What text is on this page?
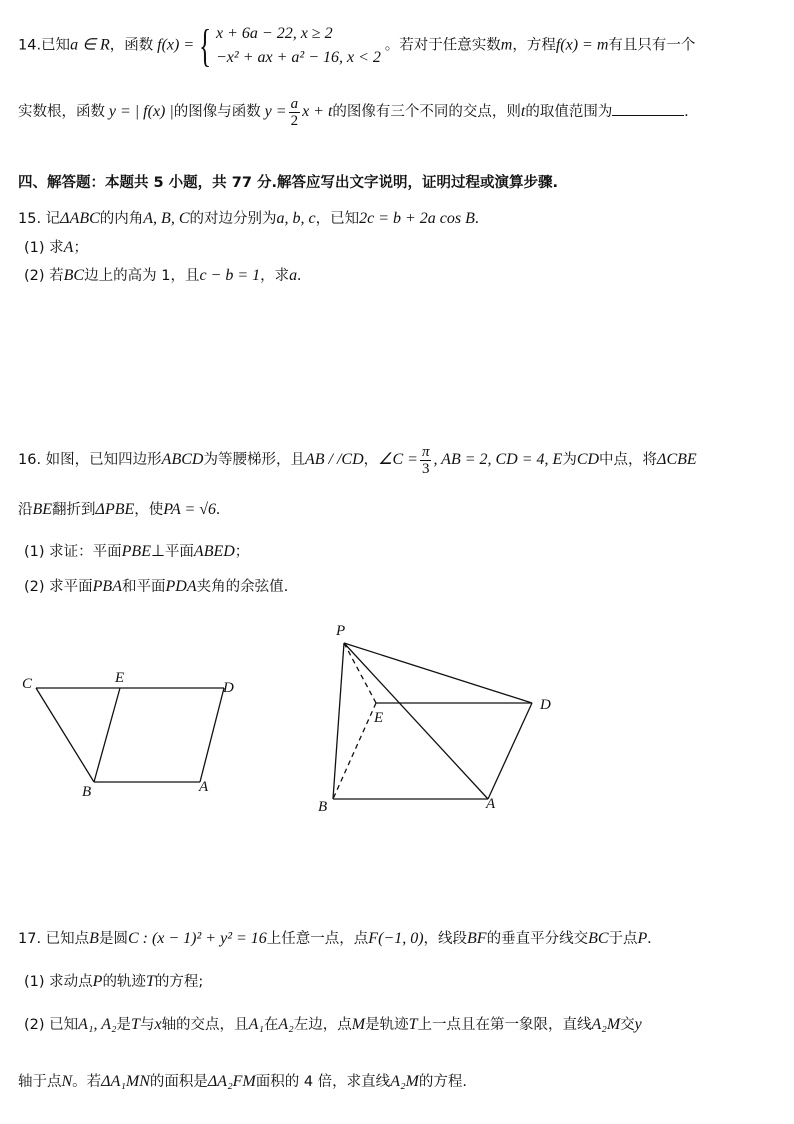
14.已知a ∈ R，函数 f(x) = { x + 6a − 22, x ≥ 2
−x² + ax + a² − 16, x < 2
。若对于任意实数m，方程f(x) = m有且只有一个
实数根，函数 y = | f(x) |的图像与函数 $y = \frac{a}{2}$ x + t的图像有三个不同的交点，则t的取值范围为	.
四、解答题：本题共 5 小题，共 77 分.解答应写出文字说明，证明过程或演算步骤.
15. 记ΔABC的内角A, B, C的对边分别为a, b, c，已知2c = b + 2a cos B.
(1) 求A；
(2) 若BC边上的高为 1，且c − b = 1，求a.
16. 如图，已知四边形ABCD为等腰梯形，且AB / /CD，∠C = $\frac{\pi}{3}$ , AB = 2, CD = 4, E为CD中点，将ΔCBE
沿BE翻折到ΔPBE，使PA = √6.
(1) 求证：平面PBE⊥平面ABED；
(2) 求平面PBA和平面PDA夹角的余弦值.
C	E
D
B	A
P
E
D
B	A
17. 已知点B是圆C : (x − 1)² + y² = 16上任意一点，点F(−1, 0)，线段BF的垂直平分线交BC于点P.
(1) 求动点P的轨迹T的方程;
(2) 已知A₁, A₂是T与x轴的交点，且A₁在A₂左边，点M是轨迹T上一点且在第一象限，直线A₂M交y
轴于点N。若ΔA₁MN的面积是ΔA₂FM面积的 4 倍，求直线A₂M的方程.
